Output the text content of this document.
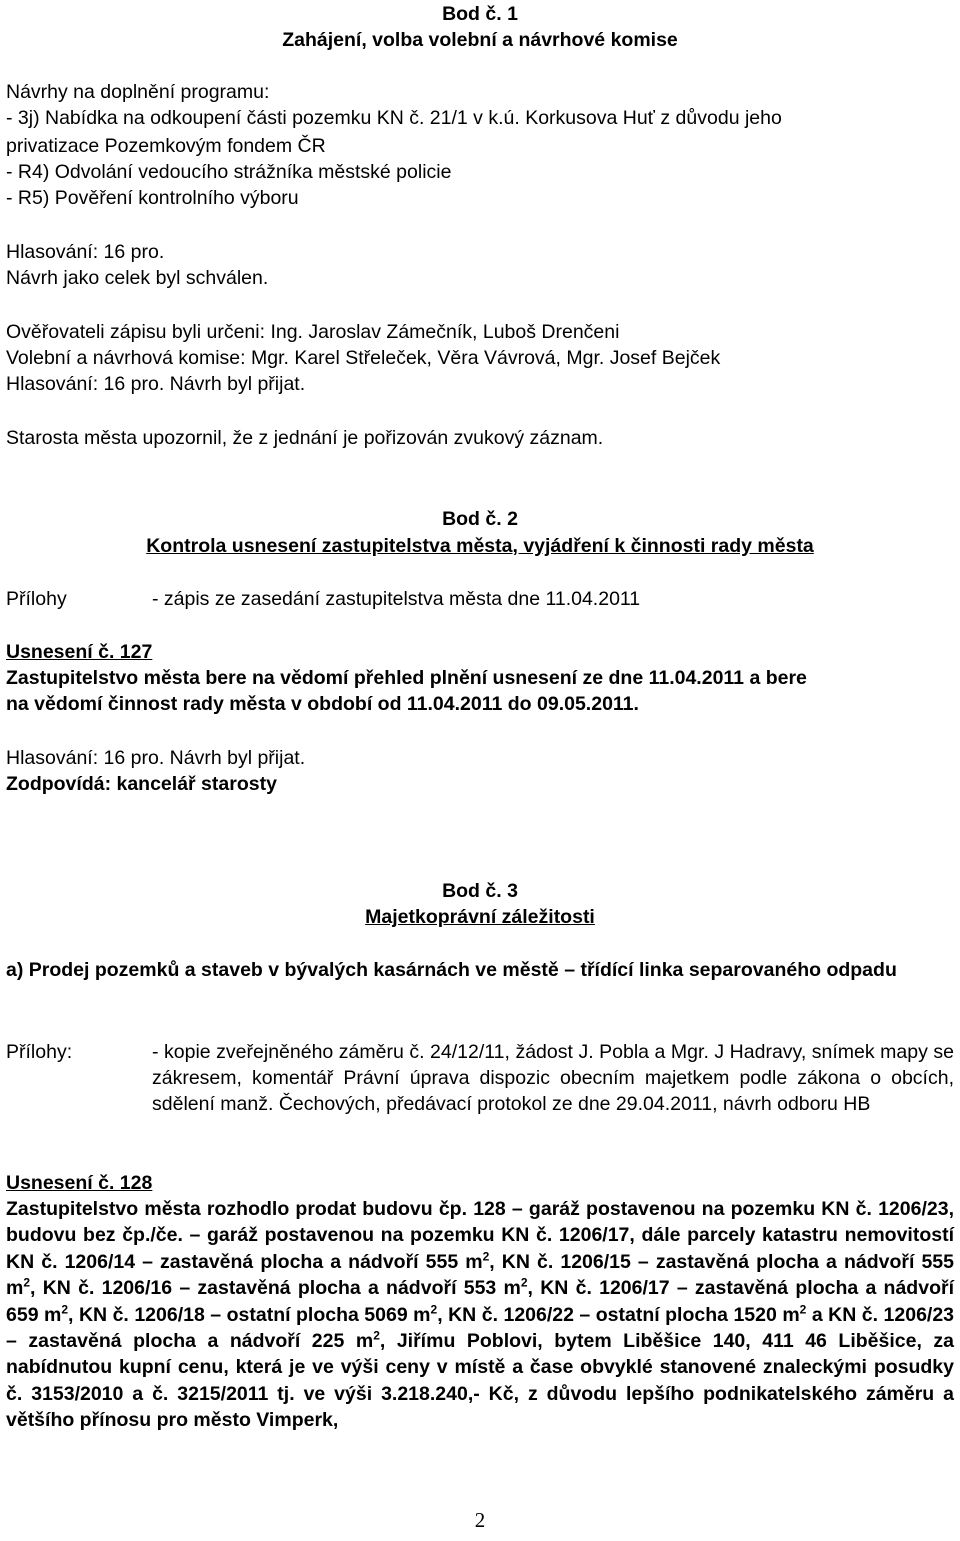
Bod č. 1
Zahájení, volba volební a návrhové komise
Návrhy na doplnění programu:
- 3j) Nabídka na odkoupení části pozemku KN č. 21/1 v k.ú. Korkusova Huť z důvodu jeho
privatizace Pozemkovým fondem ČR
- R4) Odvolání vedoucího strážníka městské policie
- R5) Pověření kontrolního výboru
Hlasování: 16 pro.
Návrh jako celek byl schválen.
Ověřovateli zápisu byli určeni: Ing. Jaroslav Zámečník, Luboš Drenčeni
Volební a návrhová komise: Mgr. Karel Střeleček, Věra Vávrová, Mgr. Josef Bejček
Hlasování: 16 pro. Návrh byl přijat.
Starosta města upozornil, že z jednání je pořizován zvukový záznam.
Bod č. 2
Kontrola usnesení zastupitelstva města, vyjádření k činnosti rady města
Přílohy	- zápis ze zasedání zastupitelstva města dne 11.04.2011
Usnesení č. 127
Zastupitelstvo města bere na vědomí přehled plnění usnesení ze dne 11.04.2011 a bere
na vědomí činnost rady města v období od 11.04.2011 do 09.05.2011.
Hlasování: 16 pro. Návrh byl přijat.
Zodpovídá: kancelář starosty
Bod č. 3
Majetkoprávní záležitosti
a) Prodej pozemků a staveb v bývalých kasárnách ve městě – třídící linka separovaného odpadu
Přílohy:	- kopie zveřejněného záměru č. 24/12/11, žádost J. Pobla a Mgr. J Hadravy, snímek mapy se zákresem, komentář Právní úprava dispozic obecním majetkem podle zákona o obcích, sdělení manž. Čechových, předávací protokol ze dne 29.04.2011, návrh odboru HB
Usnesení č. 128
Zastupitelstvo města rozhodlo prodat budovu čp. 128 – garáž postavenou na pozemku KN č. 1206/23, budovu bez čp./če. – garáž postavenou na pozemku KN č. 1206/17, dále parcely katastru nemovitostí KN č. 1206/14 – zastavěná plocha a nádvoří 555 $m^2$, KN č. 1206/15 – zastavěná plocha a nádvoří 555 $m^2$, KN č. 1206/16 – zastavěná plocha a nádvoří 553 $m^2$, KN č. 1206/17 – zastavěná plocha a nádvoří 659 $m^2$, KN č. 1206/18 – ostatní plocha 5069 $m^2$, KN č. 1206/22 – ostatní plocha 1520 $m^2$ a KN č. 1206/23 – zastavěná plocha a nádvoří 225 $m^2$, Jiřímu Poblovi, bytem Liběšice 140, 411 46 Liběšice, za nabídnutou kupní cenu, která je ve výši ceny v místě a čase obvyklé stanovené znaleckými posudky č. 3153/2010 a č. 3215/2011 tj. ve výši 3.218.240,- Kč, z důvodu lepšího podnikatelského záměru a většího přínosu pro město Vimperk,
2
